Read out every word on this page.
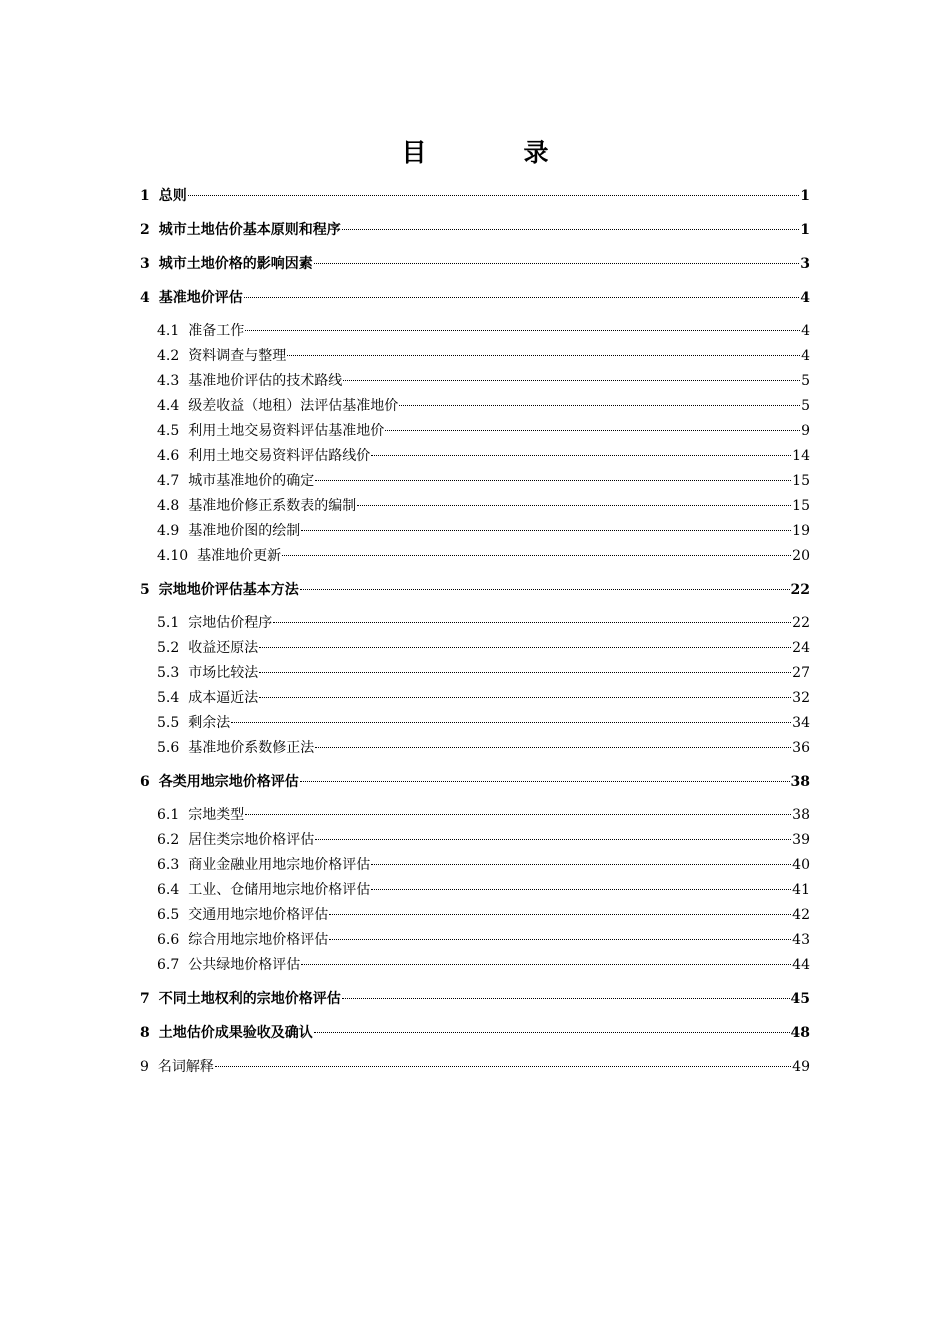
目　录
1 总则	1
2 城市土地估价基本原则和程序	1
3 城市土地价格的影响因素	3
4 基准地价评估	4
4.1 准备工作	4
4.2 资料调查与整理	4
4.3 基准地价评估的技术路线	5
4.4 级差收益（地租）法评估基准地价	5
4.5 利用土地交易资料评估基准地价	9
4.6 利用土地交易资料评估路线价	14
4.7 城市基准地价的确定	15
4.8 基准地价修正系数表的编制	15
4.9 基准地价图的绘制	19
4.10 基准地价更新	20
5 宗地地价评估基本方法	22
5.1 宗地估价程序	22
5.2 收益还原法	24
5.3 市场比较法	27
5.4 成本逼近法	32
5.5 剩余法	34
5.6 基准地价系数修正法	36
6 各类用地宗地价格评估	38
6.1 宗地类型	38
6.2 居住类宗地价格评估	39
6.3 商业金融业用地宗地价格评估	40
6.4 工业、仓储用地宗地价格评估	41
6.5 交通用地宗地价格评估	42
6.6 综合用地宗地价格评估	43
6.7 公共绿地价格评估	44
7 不同土地权利的宗地价格评估	45
8 土地估价成果验收及确认	48
9 名词解释	49
